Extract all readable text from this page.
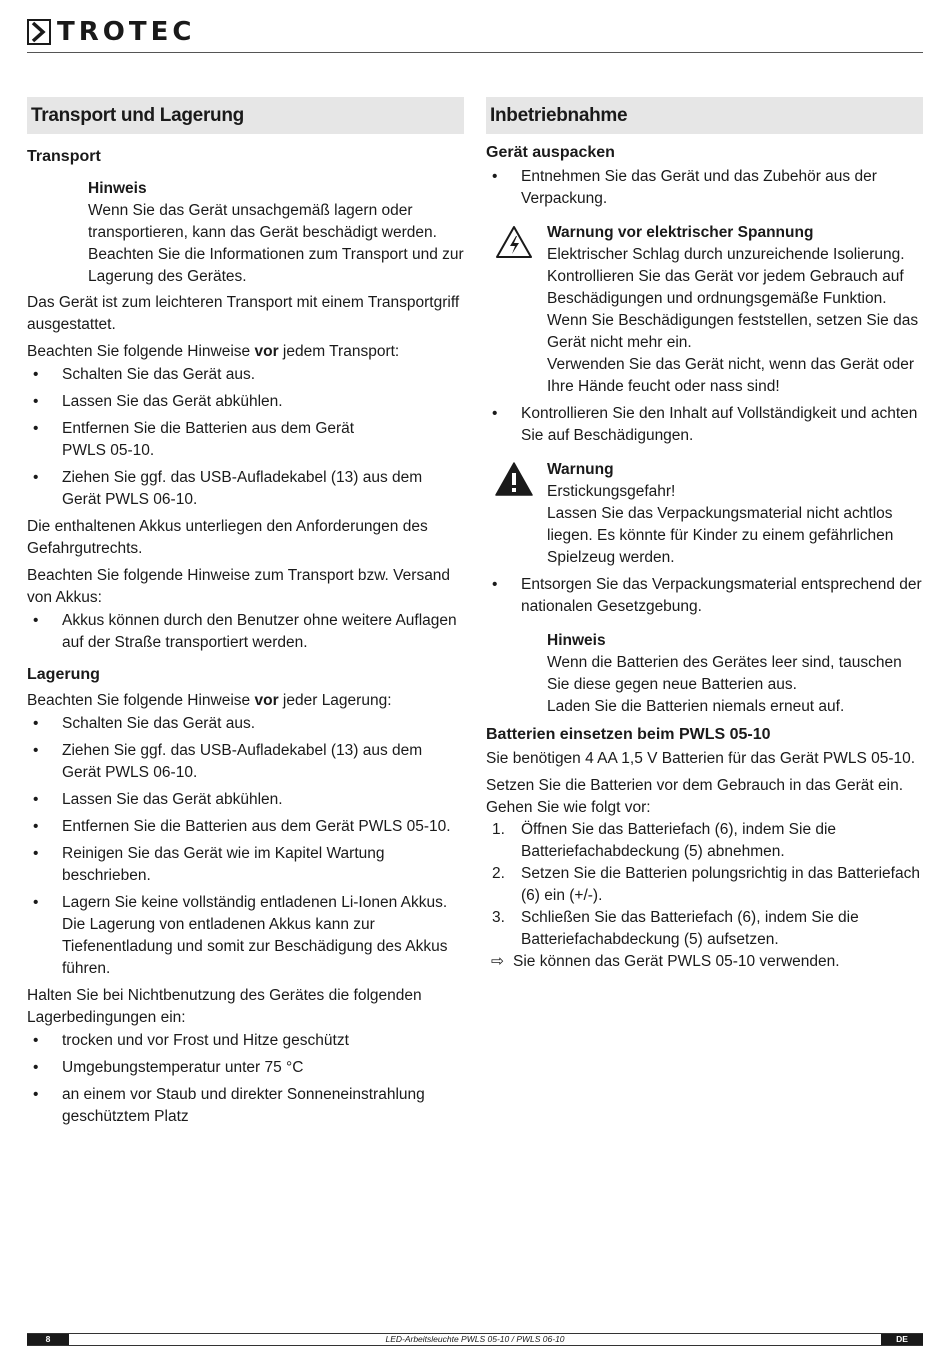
TROTEC
Transport und Lagerung
Transport
Hinweis
Wenn Sie das Gerät unsachgemäß lagern oder transportieren, kann das Gerät beschädigt werden. Beachten Sie die Informationen zum Transport und zur Lagerung des Gerätes.

Das Gerät ist zum leichteren Transport mit einem Transportgriff ausgestattet.

Beachten Sie folgende Hinweise vor jedem Transport:

• Schalten Sie das Gerät aus.
• Lassen Sie das Gerät abkühlen.
• Entfernen Sie die Batterien aus dem Gerät PWLS 05-10.
• Ziehen Sie ggf. das USB-Aufladekabel (13) aus dem Gerät PWLS 06-10.

Die enthaltenen Akkus unterliegen den Anforderungen des Gefahrgutrechts.

Beachten Sie folgende Hinweise zum Transport bzw. Versand von Akkus:

• Akkus können durch den Benutzer ohne weitere Auflagen auf der Straße transportiert werden.
Lagerung

Beachten Sie folgende Hinweise vor jeder Lagerung:

• Schalten Sie das Gerät aus.
• Ziehen Sie ggf. das USB-Aufladekabel (13) aus dem Gerät PWLS 06-10.
• Lassen Sie das Gerät abkühlen.
• Entfernen Sie die Batterien aus dem Gerät PWLS 05-10.
• Reinigen Sie das Gerät wie im Kapitel Wartung beschrieben.
• Lagern Sie keine vollständig entladenen Li-Ionen Akkus. Die Lagerung von entladenen Akkus kann zur Tiefenentladung und somit zur Beschädigung des Akkus führen.

Halten Sie bei Nichtbenutzung des Gerätes die folgenden Lagerbedingungen ein:

• trocken und vor Frost und Hitze geschützt
• Umgebungstemperatur unter 75 °C
• an einem vor Staub und direkter Sonneneinstrahlung geschütztem Platz
Inbetriebnahme
Gerät auspacken
• Entnehmen Sie das Gerät und das Zubehör aus der Verpackung.
Warnung vor elektrischer Spannung
Elektrischer Schlag durch unzureichende Isolierung. Kontrollieren Sie das Gerät vor jedem Gebrauch auf Beschädigungen und ordnungsgemäße Funktion. Wenn Sie Beschädigungen feststellen, setzen Sie das Gerät nicht mehr ein.
Verwenden Sie das Gerät nicht, wenn das Gerät oder Ihre Hände feucht oder nass sind!
• Kontrollieren Sie den Inhalt auf Vollständigkeit und achten Sie auf Beschädigungen.
Warnung
Erstickungsgefahr!
Lassen Sie das Verpackungsmaterial nicht achtlos liegen. Es könnte für Kinder zu einem gefährlichen Spielzeug werden.
• Entsorgen Sie das Verpackungsmaterial entsprechend der nationalen Gesetzgebung.
Hinweis
Wenn die Batterien des Gerätes leer sind, tauschen Sie diese gegen neue Batterien aus.
Laden Sie die Batterien niemals erneut auf.
Batterien einsetzen beim PWLS 05-10

Sie benötigen 4 AA 1,5 V Batterien für das Gerät PWLS 05-10.

Setzen Sie die Batterien vor dem Gebrauch in das Gerät ein. Gehen Sie wie folgt vor:

1. Öffnen Sie das Batteriefach (6), indem Sie die Batteriefachabdeckung (5) abnehmen.
2. Setzen Sie die Batterien polungsrichtig in das Batteriefach (6) ein (+/-).
3. Schließen Sie das Batteriefach (6), indem Sie die Batteriefachabdeckung (5) aufsetzen.
⇨ Sie können das Gerät PWLS 05-10 verwenden.
8	LED-Arbeitsleuchte PWLS 05-10 / PWLS 06-10	DE
